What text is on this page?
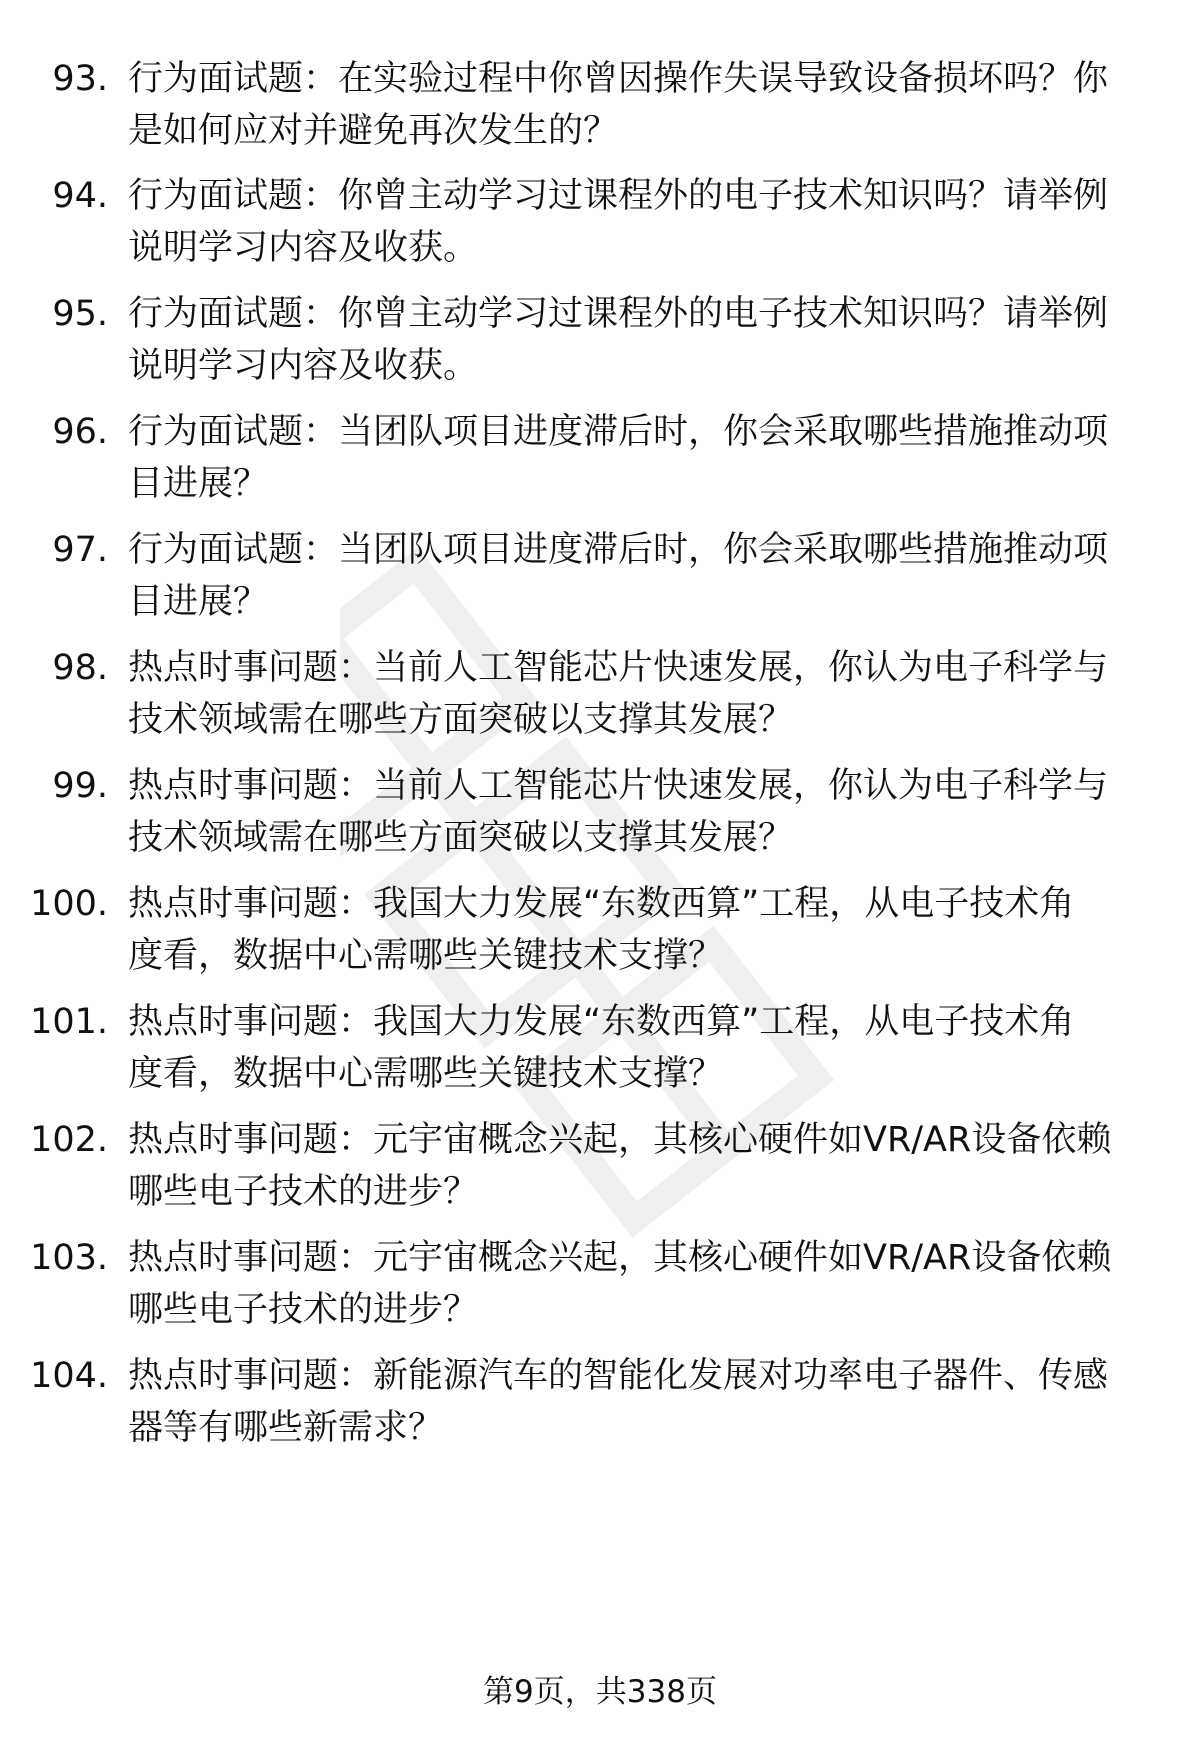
93. 行为面试题：在实验过程中你曾因操作失误导致设备损坏吗？你
是如何应对并避免再次发生的？
94. 行为面试题：你曾主动学习过课程外的电子技术知识吗？请举例
说明学习内容及收获。
95. 行为面试题：你曾主动学习过课程外的电子技术知识吗？请举例
说明学习内容及收获。
96. 行为面试题：当团队项目进度滞后时，你会采取哪些措施推动项
目进展？
97. 行为面试题：当团队项目进度滞后时，你会采取哪些措施推动项
目进展？
98. 热点时事问题：当前人工智能芯片快速发展，你认为电子科学与
技术领域需在哪些方面突破以支撑其发展？
99. 热点时事问题：当前人工智能芯片快速发展，你认为电子科学与
技术领域需在哪些方面突破以支撑其发展？
100. 热点时事问题：我国大力发展“东数西算”工程，从电子技术角
度看，数据中心需哪些关键技术支撑？
101. 热点时事问题：我国大力发展“东数西算”工程，从电子技术角
度看，数据中心需哪些关键技术支撑？
102. 热点时事问题：元宇宙概念兴起，其核心硬件如VR/AR设备依赖
哪些电子技术的进步？
103. 热点时事问题：元宇宙概念兴起，其核心硬件如VR/AR设备依赖
哪些电子技术的进步？
104. 热点时事问题：新能源汽车的智能化发展对功率电子器件、传感
器等有哪些新需求？
第9页，共338页
